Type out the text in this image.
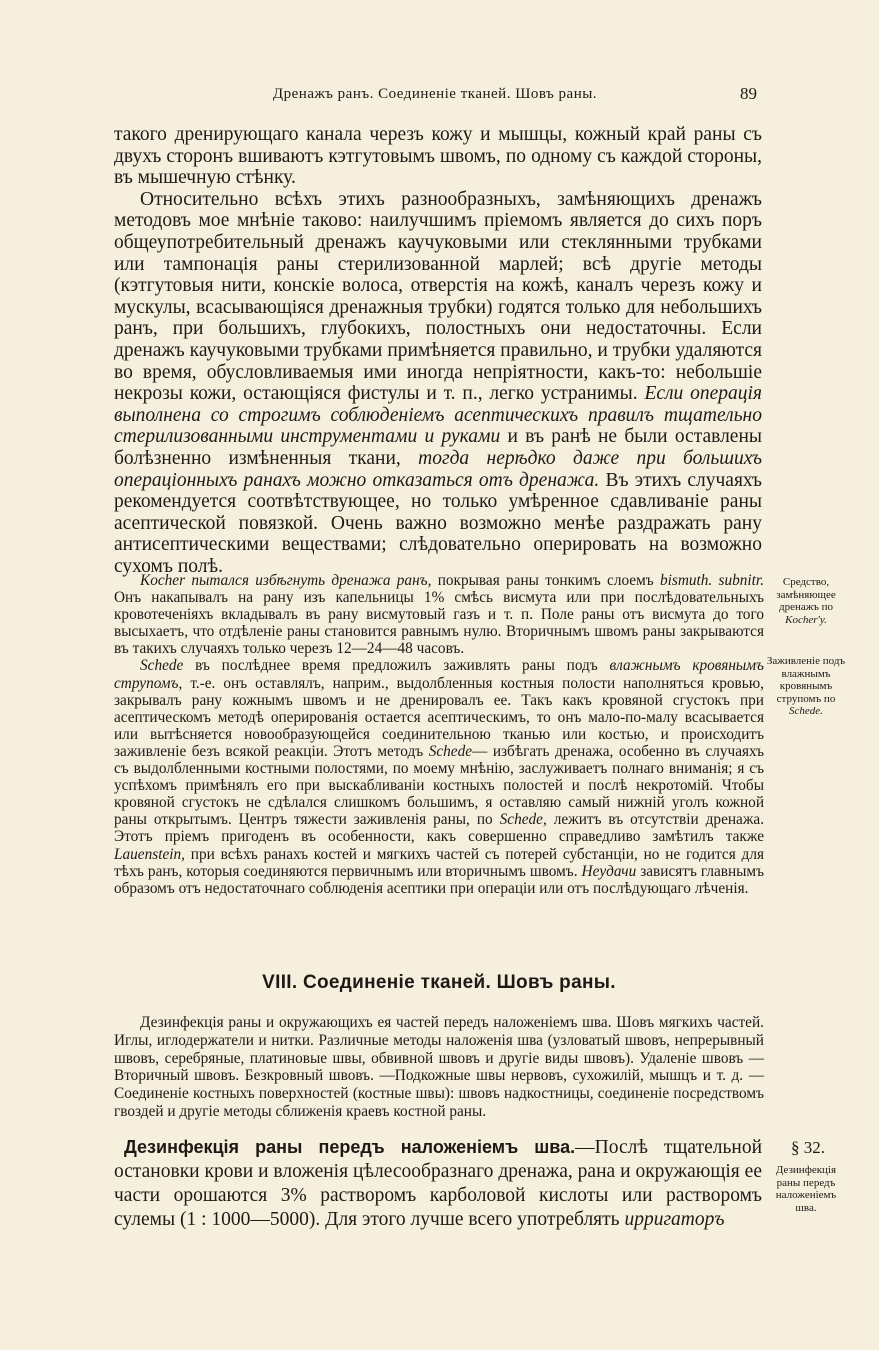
Дренажъ ранъ. Соединеніе тканей. Шовъ раны.	89

такого дренирующаго канала черезъ кожу и мышцы, кожный край раны съ двухъ сторонъ вшиваютъ кэтгутовымъ швомъ, по одному съ каждой стороны, въ мышечную стѣнку.

Относительно всѣхъ этихъ разнообразныхъ, замѣняющихъ дренажъ методовъ мое мнѣніе таково: наилучшимъ пріемомъ является до сихъ поръ общеупотребительный дренажъ каучуковыми или стеклянными трубками или тампонація раны стерилизованной марлей; всѣ другіе методы (кэтгутовыя нити, конскіе волоса, отверстія на кожѣ, каналъ черезъ кожу и мускулы, всасывающіяся дренажныя трубки) годятся только для небольшихъ ранъ, при большихъ, глубокихъ, полостныхъ они недостаточны. Если дренажъ каучуковыми трубками примѣняется правильно, и трубки удаляются во время, обусловливаемыя ими иногда непріятности, какъ-то: небольшіе некрозы кожи, остающіяся фистулы и т. п., легко устранимы. Если операція выполнена со строгимъ соблюденіемъ асептическихъ правилъ тщательно стерилизованными инструментами и руками и въ ранѣ не были оставлены болѣзненно измѣненныя ткани, тогда нерѣдко даже при большихъ операціонныхъ ранахъ можно отказаться отъ дренажа. Въ этихъ случаяхъ рекомендуется соотвѣтствующее, но только умѣренное сдавливаніе раны асептической повязкой. Очень важно возможно менѣе раздражать рану антисептическими веществами; слѣдовательно оперировать на возможно сухомъ полѣ.

Kocher пытался избѣгнуть дренажа ранъ, покрывая раны тонкимъ слоемъ bismuth. subnitr. Онъ накапывалъ на рану изъ капельницы 1% смѣсь висмута или при послѣдовательныхъ кровотеченіяхъ вкладывалъ въ рану висмутовый газъ и т. п. Поле раны отъ висмута до того высыхаетъ, что отдѣленіе раны становится равнымъ нулю. Вторичнымъ швомъ раны закрываются въ такихъ случаяхъ только черезъ 12—24—48 часовъ.

Schede въ послѣднее время предложилъ заживлять раны подъ влажнымъ кровянымъ струпомъ, т.-е. онъ оставлялъ, наприм., выдолбленныя костныя полости наполняться кровью, закрывалъ рану кожнымъ швомъ и не дренировалъ ее. Такъ какъ кровяной сгустокъ при асептическомъ методѣ оперированія остается асептическимъ, то онъ мало-по-малу всасывается или вытѣсняется новообразующейся соединительною тканью или костью, и происходитъ заживленіе безъ всякой реакціи. Этотъ методъ Schede— избѣгать дренажа, особенно въ случаяхъ съ выдолбленными костными полостями, по моему мнѣнію, заслуживаетъ полнаго вниманія; я съ успѣхомъ примѣнялъ его при выскабливаніи костныхъ полостей и послѣ некротомій. Чтобы кровяной сгустокъ не сдѣлался слишкомъ большимъ, я оставляю самый нижній уголъ кожной раны открытымъ. Центръ тяжести заживленія раны, по Schede, лежитъ въ отсутствіи дренажа. Этотъ пріемъ пригоденъ въ особенности, какъ совершенно справедливо замѣтилъ также Lauenstein, при всѣхъ ранахъ костей и мягкихъ частей съ потерей субстанціи, но не годится для тѣхъ ранъ, которыя соединяются первичнымъ или вторичнымъ швомъ. Неудачи зависятъ главнымъ образомъ отъ недостаточнаго соблюденія асептики при операціи или отъ послѣдующаго лѣченія.

Средство, замѣняющее дренажъ по
Kocher'у.
Заживленіе подъ влажнымъ кровянымъ струпомъ по
Schede.
VIII. Соединеніе тканей. Шовъ раны.
Дезинфекція раны и окружающихъ ея частей передъ наложеніемъ шва. Шовъ мягкихъ частей. Иглы, иглодержатели и нитки. Различные методы наложенія шва (узловатый швовъ, непрерывный швовъ, серебряные, платиновые швы, обвивной швовъ и другіе виды швовъ). Удаленіе швовъ —Вторичный швовъ. Безкровный швовъ. —Подкожные швы нервовъ, сухожилій, мышцъ и т. д. — Соединеніе костныхъ поверхностей (костные швы): швовъ надкостницы, соединеніе посредствомъ гвоздей и другіе методы сближенія краевъ костной раны.
Дезинфекція раны передъ наложеніемъ шва.—Послѣ тщательной остановки крови и вложенія цѣлесообразнаго дренажа, рана и окружающія ее части орошаются 3% растворомъ карболовой кислоты или растворомъ сулемы (1 : 1000—5000). Для этого лучше всего употреблять ирригаторъ
§ 32.
Дезинфекція раны передъ наложеніемъ шва.
